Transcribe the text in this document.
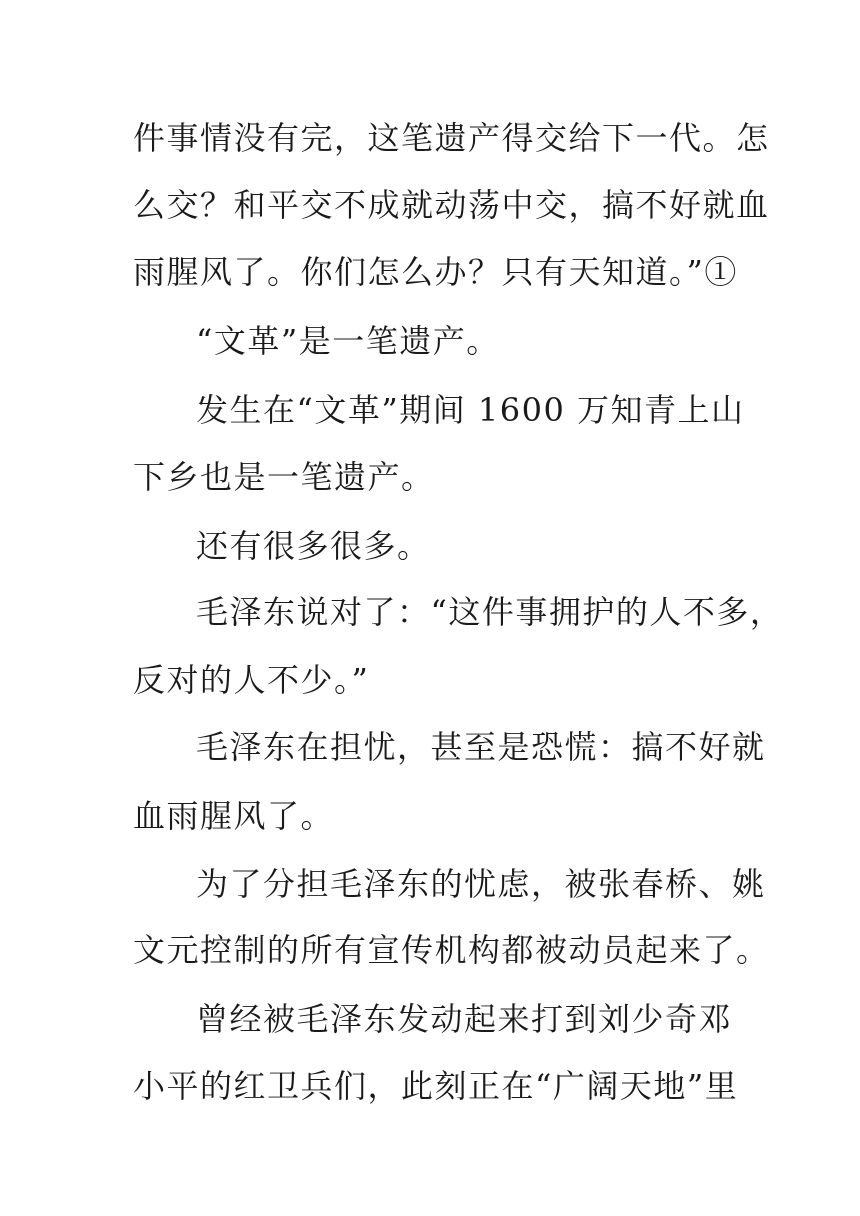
件事情没有完，这笔遗产得交给下一代。怎
么交？和平交不成就动荡中交，搞不好就血
雨腥风了。你们怎么办？只有天知道。”①
“文革”是一笔遗产。
发生在“文革”期间 1600 万知青上山
下乡也是一笔遗产。
还有很多很多。
毛泽东说对了：“这件事拥护的人不多，
反对的人不少。”
毛泽东在担忧，甚至是恐慌：搞不好就
血雨腥风了。
为了分担毛泽东的忧虑，被张春桥、姚
文元控制的所有宣传机构都被动员起来了。
曾经被毛泽东发动起来打到刘少奇邓
小平的红卫兵们，此刻正在“广阔天地”里
